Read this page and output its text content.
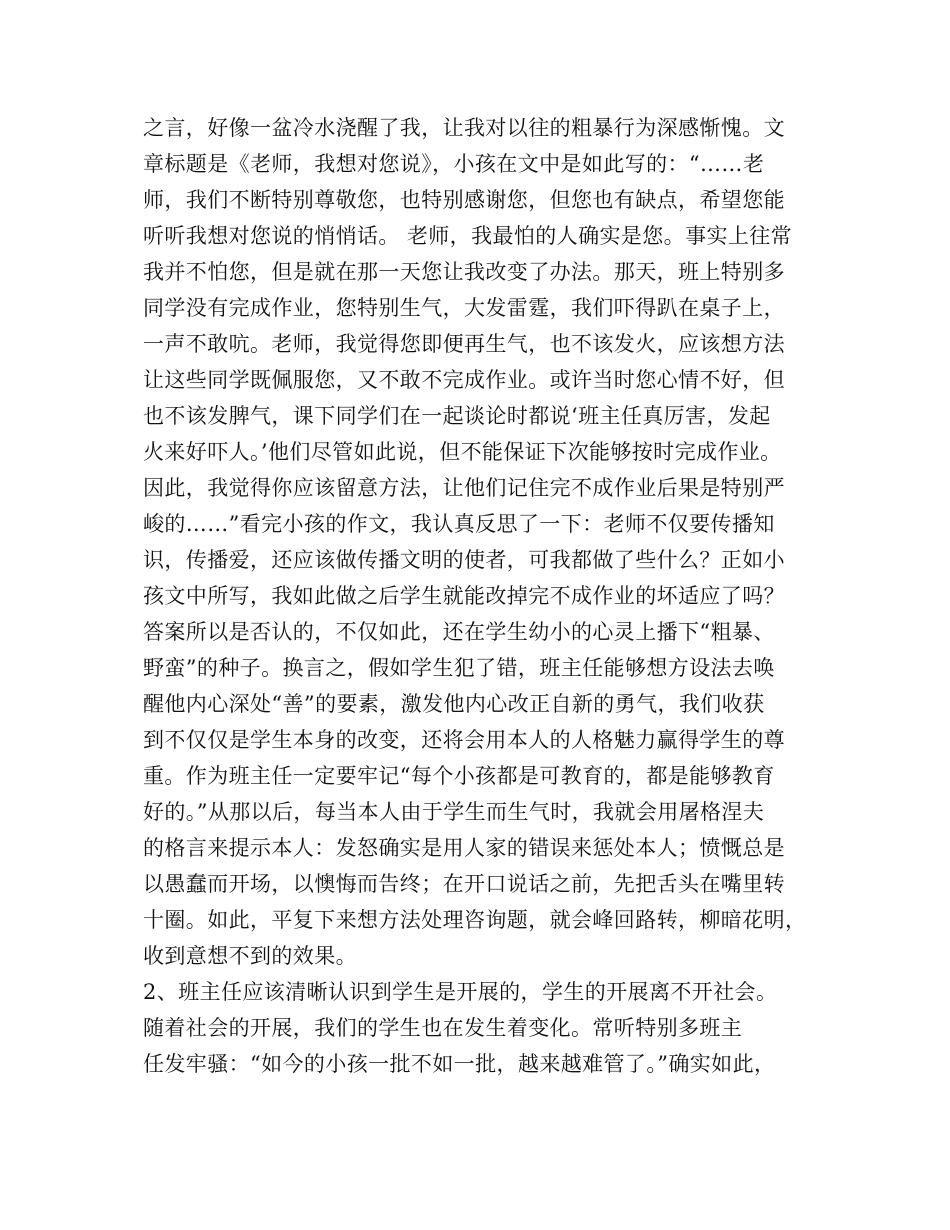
之言，好像一盆冷水浇醒了我，让我对以往的粗暴行为深感惭愧。文
章标题是《老师，我想对您说》，小孩在文中是如此写的：“……老
师，我们不断特别尊敬您，也特别感谢您，但您也有缺点，希望您能
听听我想对您说的悄悄话。 老师，我最怕的人确实是您。事实上往常
我并不怕您，但是就在那一天您让我改变了办法。那天，班上特别多
同学没有完成作业，您特别生气，大发雷霆，我们吓得趴在桌子上，
一声不敢吭。老师，我觉得您即便再生气，也不该发火，应该想方法
让这些同学既佩服您，又不敢不完成作业。或许当时您心情不好，但
也不该发脾气，课下同学们在一起谈论时都说‘班主任真厉害，发起
火来好吓人。’他们尽管如此说，但不能保证下次能够按时完成作业。
因此，我觉得你应该留意方法，让他们记住完不成作业后果是特别严
峻的……”看完小孩的作文，我认真反思了一下：老师不仅要传播知
识，传播爱，还应该做传播文明的使者，可我都做了些什么？正如小
孩文中所写，我如此做之后学生就能改掉完不成作业的坏适应了吗？
答案所以是否认的，不仅如此，还在学生幼小的心灵上播下“粗暴、
野蛮”的种子。换言之，假如学生犯了错，班主任能够想方设法去唤
醒他内心深处“善”的要素，激发他内心改正自新的勇气，我们收获
到不仅仅是学生本身的改变，还将会用本人的人格魅力赢得学生的尊
重。作为班主任一定要牢记“每个小孩都是可教育的，都是能够教育
好的。”从那以后，每当本人由于学生而生气时，我就会用屠格涅夫
的格言来提示本人：发怒确实是用人家的错误来惩处本人；愤慨总是
以愚蠢而开场，以懊悔而告终；在开口说话之前，先把舌头在嘴里转
十圈。如此，平复下来想方法处理咨询题，就会峰回路转，柳暗花明，
收到意想不到的效果。
2、班主任应该清晰认识到学生是开展的，学生的开展离不开社会。
随着社会的开展，我们的学生也在发生着变化。常听特别多班主
任发牢骚：“如今的小孩一批不如一批，越来越难管了。”确实如此，
